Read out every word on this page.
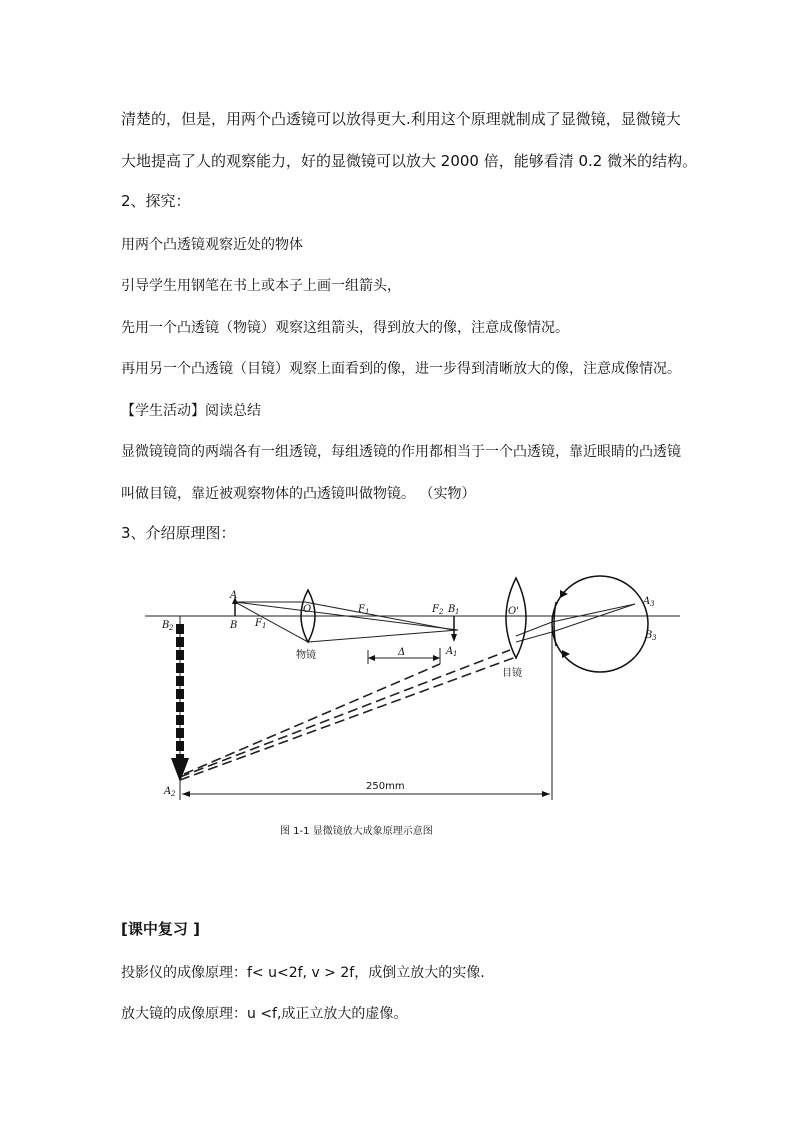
清楚的，但是，用两个凸透镜可以放得更大.利用这个原理就制成了显微镜，显微镜大
大地提高了人的观察能力，好的显微镜可以放大 2000 倍，能够看清 0.2 微米的结构。
2、探究：
用两个凸透镜观察近处的物体
引导学生用钢笔在书上或本子上画一组箭头，
先用一个凸透镜（物镜）观察这组箭头，得到放大的像，注意成像情况。
再用另一个凸透镜（目镜）观察上面看到的像，进一步得到清晰放大的像，注意成像情况。
【学生活动】阅读总结
显微镜镜筒的两端各有一组透镜，每组透镜的作用都相当于一个凸透镜，靠近眼睛的凸透镜
叫做目镜，靠近被观察物体的凸透镜叫做物镜。 （实物）
3、介绍原理图：
A
B
O
F 1
F 1	F 2 B 1
A 1
O'
B 2
A 2
A 3
B 3
Δ
物镜
目镜
250mm
图 1-1 显微镜放大成象原理示意图
[课中复习 ]
投影仪的成像原理：f< u<2f, v > 2f，成倒立放大的实像.
放大镜的成像原理：u <f,成正立放大的虚像。
